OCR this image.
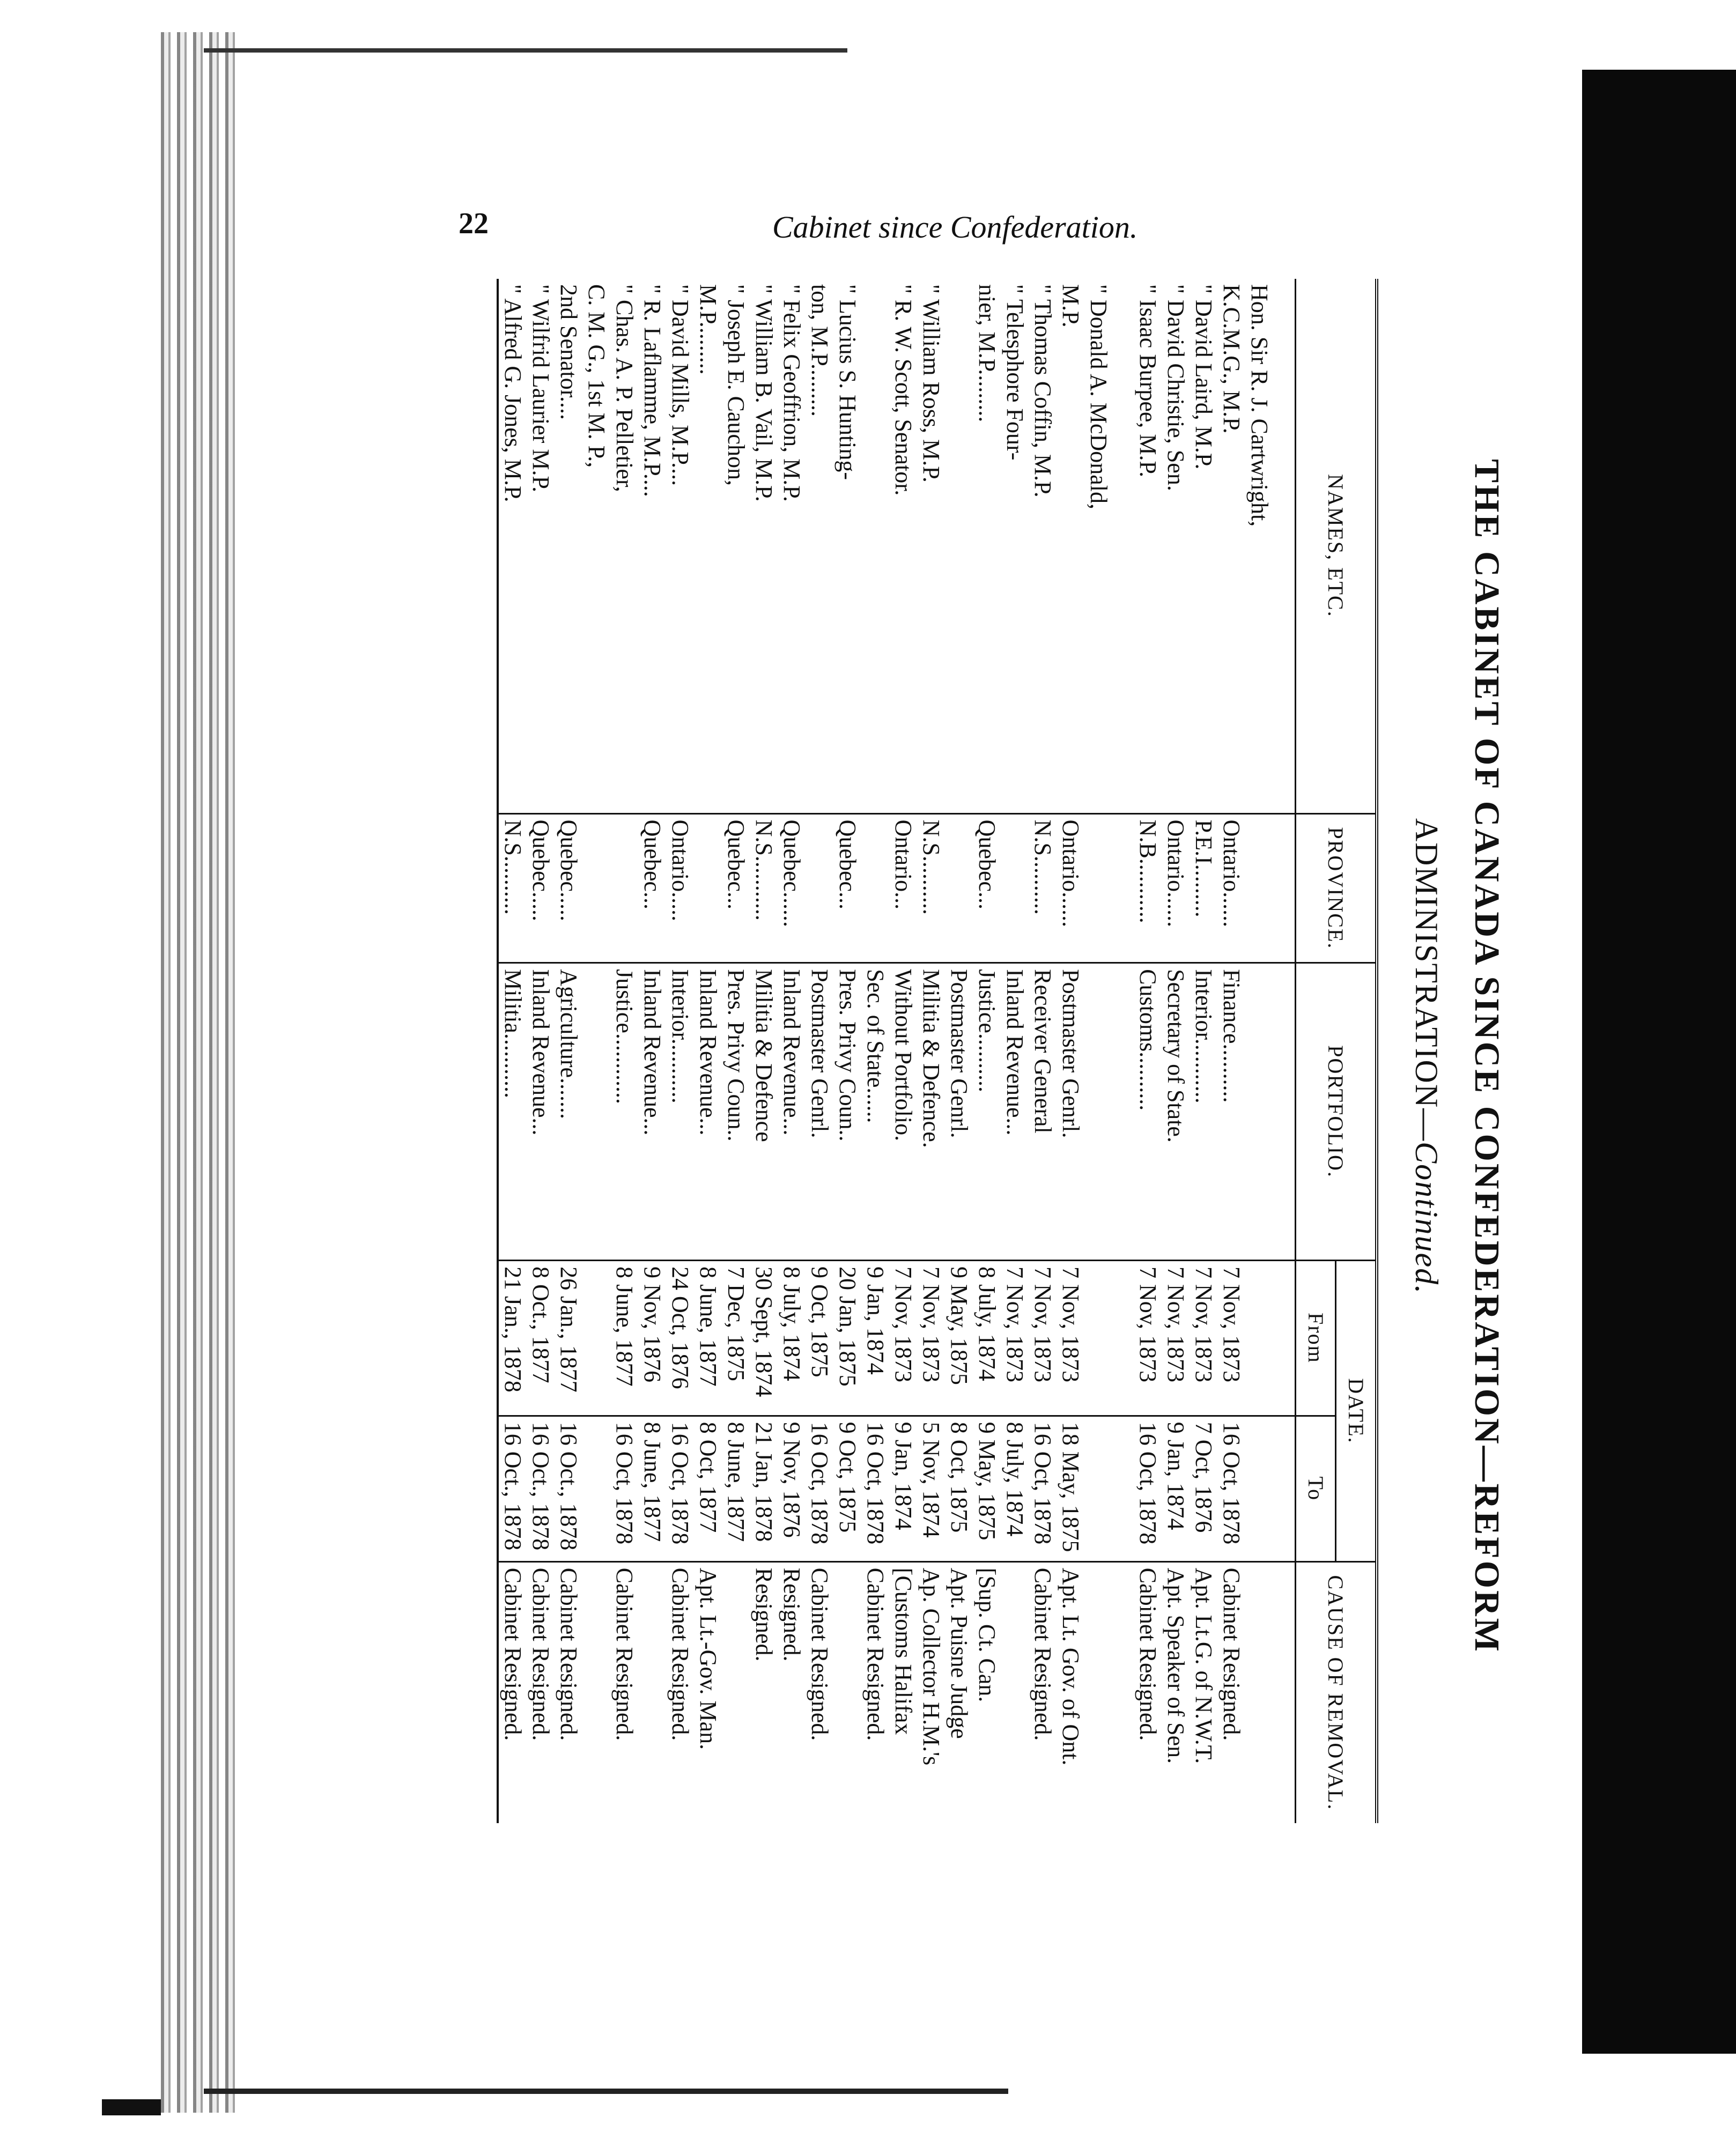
22	Cabinet since Confederation.
THE CABINET OF CANADA SINCE CONFEDERATION—REFORM
ADMINISTRATION—Continued.
NAMES, ETC.	PROVINCE.	PORTFOLIO.	DATE.		CAUSE OF REMOVAL.
			From	To	
Hon. Sir R. J. Cartwright,					
K.C.M.G., M.P.	Ontario......	Finance..........	7 Nov, 1873	16 Oct, 1878	Cabinet Resigned.
" David Laird, M.P.	P.E.I.........	Interior...........	7 Nov, 1873	7 Oct, 1876	Apt. Lt.G. of N.W.T.
" David Christie, Sen.	Ontario......	Secretary of State.	7 Nov, 1873	9 Jan, 1874	Apt. Speaker of Sen.
" Isaac Burpee, M.P.	N.B...........	Customs..........	7 Nov, 1873	16 Oct, 1878	Cabinet Resigned.
" Donald A. McDonald,					
M.P.	Ontario......	Postmaster Genrl.	7 Nov, 1873	18 May, 1875	Apt. Lt. Gov. of Ont.
" Thomas Coffin, M.P.	N.S..........	Receiver General	7 Nov, 1873	16 Oct, 1878	Cabinet Resigned.
" Telesphore Four-		Inland Revenue...	7 Nov, 1873	8 July, 1874	
nier, M.P.........	Quebec...	Justice..........	8 July, 1874	9 May, 1875	[Sup. Ct. Can.
		Postmaster Genrl.	9 May, 1875	8 Oct, 1875	Apt. Puisne Judge
" William Ross, M.P.	N.S..........	Militia & Defence.	7 Nov, 1873	5 Nov, 1874	Ap. Collector H.M.'s
" R. W. Scott, Senator.	Ontario...	Without Portfolio.	7 Nov, 1873	9 Jan, 1874	[Customs Halifax
		Sec. of State......	9 Jan, 1874	16 Oct, 1878	Cabinet Resigned.
" Lucius S. Hunting-	Quebec...	Pres. Privy Coun..	20 Jan, 1875	9 Oct, 1875	
ton, M.P.........		Postmaster Genrl.	9 Oct, 1875	16 Oct, 1878	Cabinet Resigned.
" Felix Geoffrion, M.P.	Quebec......	Inland Revenue...	8 July, 1874	9 Nov, 1876	Resigned.
" William B. Vail, M.P.	N.S...........	Militia & Defence	30 Sept, 1874	21 Jan, 1878	Resigned.
" Joseph E. Cauchon,	Quebec...	Pres. Privy Coun..	7 Dec, 1875	8 June, 1877	
M.P.........		Inland Revenue...	8 June, 1877	8 Oct, 1877	Apt. Lt.-Gov. Man.
" David Mills, M.P....	Ontario.....	Interior...........	24 Oct, 1876	16 Oct, 1878	Cabinet Resigned.
" R. Laflamme, M.P....	Quebec...	Inland Revenue...	9 Nov, 1876	8 June, 1877	
" Chas. A. P. Pelletier,		Justice............	8 June, 1877	16 Oct, 1878	Cabinet Resigned.
C. M. G., 1st M. P.,					
2nd Senator....	Quebec.....	Agriculture.......	26 Jan., 1877	16 Oct., 1878	Cabinet Resigned.
" Wilfrid Laurier M.P.	Quebec.....	Inland Revenue...	8 Oct., 1877	16 Oct., 1878	Cabinet Resigned.
" Alfred G. Jones, M.P.	N.S..........	Militia...........	21 Jan., 1878	16 Oct., 1878	Cabinet Resigned.
